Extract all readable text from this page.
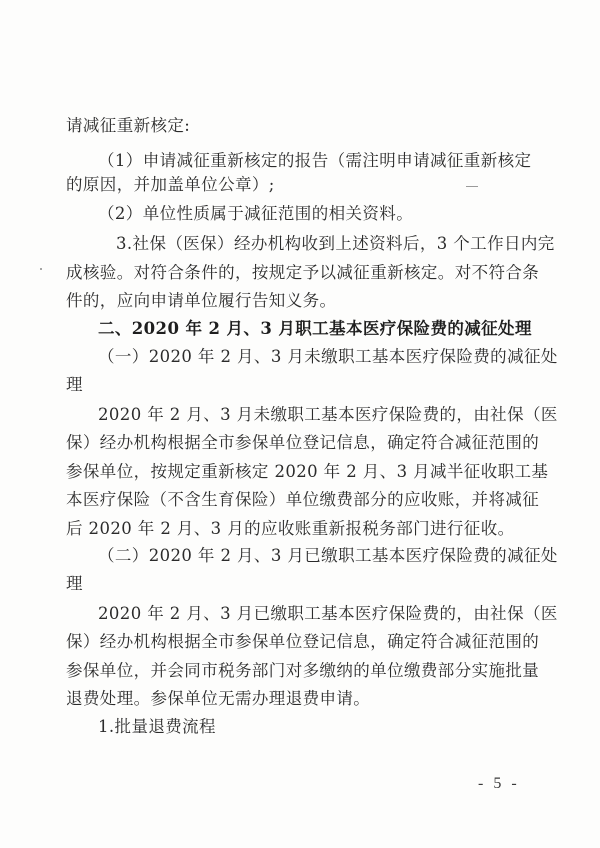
请减征重新核定:
（1）申请减征重新核定的报告（需注明申请减征重新核定
的原因，并加盖单位公章）;
（2）单位性质属于减征范围的相关资料。
3.社保（医保）经办机构收到上述资料后，3 个工作日内完
成核验。对符合条件的，按规定予以减征重新核定。对不符合条
件的，应向申请单位履行告知义务。
二、2020 年 2 月、3 月职工基本医疗保险费的减征处理
（一）2020 年 2 月、3 月未缴职工基本医疗保险费的减征处
理
2020 年 2 月、3 月未缴职工基本医疗保险费的，由社保（医
保）经办机构根据全市参保单位登记信息，确定符合减征范围的
参保单位，按规定重新核定 2020 年 2 月、3 月减半征收职工基
本医疗保险（不含生育保险）单位缴费部分的应收账，并将减征
后 2020 年 2 月、3 月的应收账重新报税务部门进行征收。
（二）2020 年 2 月、3 月已缴职工基本医疗保险费的减征处
理
2020 年 2 月、3 月已缴职工基本医疗保险费的，由社保（医
保）经办机构根据全市参保单位登记信息，确定符合减征范围的
参保单位，并会同市税务部门对多缴纳的单位缴费部分实施批量
退费处理。参保单位无需办理退费申请。
1.批量退费流程
- 5 -
